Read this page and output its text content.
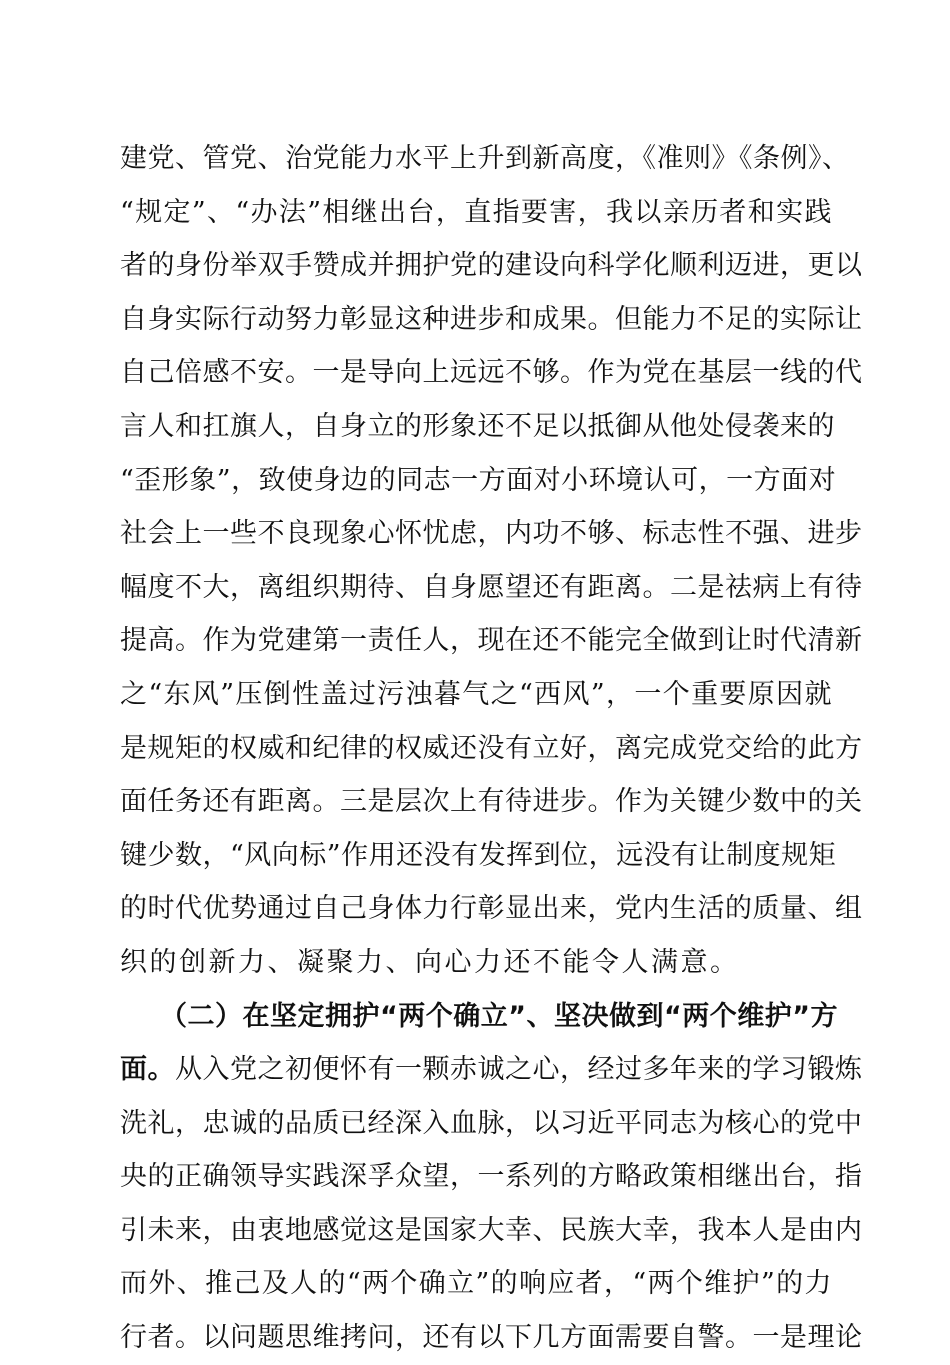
建党、管党、治党能力水平上升到新高度，《准则》《条例》、
“规定”、“办法”相继出台，直指要害，我以亲历者和实践
者的身份举双手赞成并拥护党的建设向科学化顺利迈进，更以
自身实际行动努力彰显这种进步和成果。但能力不足的实际让
自己倍感不安。一是导向上远远不够。作为党在基层一线的代
言人和扛旗人，自身立的形象还不足以抵御从他处侵袭来的
“歪形象”，致使身边的同志一方面对小环境认可，一方面对
社会上一些不良现象心怀忧虑，内功不够、标志性不强、进步
幅度不大，离组织期待、自身愿望还有距离。二是祛病上有待
提高。作为党建第一责任人，现在还不能完全做到让时代清新
之“东风”压倒性盖过污浊暮气之“西风”，一个重要原因就
是规矩的权威和纪律的权威还没有立好，离完成党交给的此方
面任务还有距离。三是层次上有待进步。作为关键少数中的关
键少数，“风向标”作用还没有发挥到位，远没有让制度规矩
的时代优势通过自己身体力行彰显出来，党内生活的质量、组
织的创新力、凝聚力、向心力还不能令人满意。
（二）在坚定拥护“两个确立”、坚决做到“两个维护”方
面。从入党之初便怀有一颗赤诚之心，经过多年来的学习锻炼
洗礼，忠诚的品质已经深入血脉，以习近平同志为核心的党中
央的正确领导实践深孚众望，一系列的方略政策相继出台，指
引未来，由衷地感觉这是国家大幸、民族大幸，我本人是由内
而外、推己及人的“两个确立”的响应者，“两个维护”的力
行者。以问题思维拷问，还有以下几方面需要自警。一是理论
